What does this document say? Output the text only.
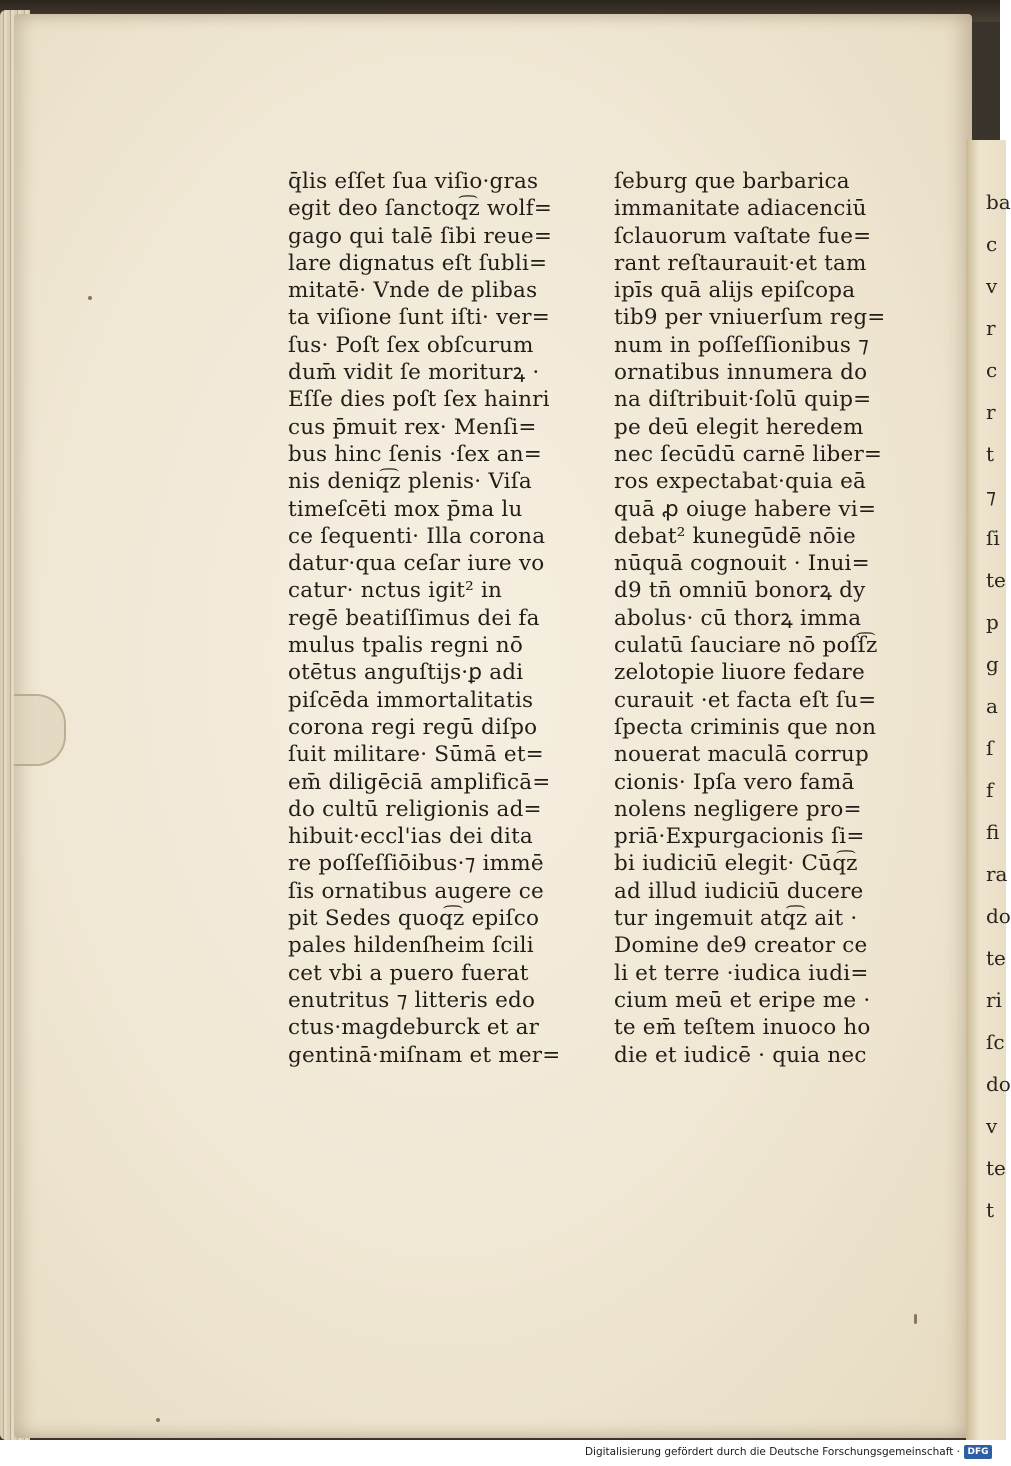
ba
c
v
r
c
r
t
⁊
ſi
te
p
g
a
ſ
f
fi
ra
do
te
ri
ſc
do
v
te
t
q̄lis eſſet ſua viſio·gras
egit deo ſanctoq͡z wolf=
gago qui talē ſibi reue=
lare dignatus eſt ſubli=
mitatē· Vnde de plibas
ta viſione ſunt iſti· ver=
ſus· Poſt ſex obſcurum
dum̄ vidit ſe moriturꝝ ·
Eſſe dies poſt ſex hainri
cus p̄muit rex· Menſi=
bus hinc ſenis ·ſex an=
nis deniq͡z plenis· Viſa
timeſcēti mox p̄ma lu
ce ſequenti· Illa corona
datur·qua ceſar iure vo
catur· nctus igit² in
regē beatiſſimus dei fa
mulus tpalis regni nō
otētus anguſtijs·ꝑ adi
piſcēda immortalitatis
corona regi regū diſpo
ſuit militare· Sūmā et=
em̄ diligēciā amplificā=
do cultū religionis ad=
hibuit·eccl'ias dei dita
re poſſeſſiōibus·⁊ immē
ſis ornatibus augere ce
pit Sedes quoq͡z epiſco
pales hildenſheim ſcili
cet vbi a puero fuerat
enutritus ⁊ litteris edo
ctus·magdeburck et ar
gentinā·miſnam et mer=
ſeburg que barbarica
immanitate adiacenciū
ſclauorum vaſtate fue=
rant reſtaurauit·et tam
ipīs quā alijs epiſcopa
tib9 per vniuerſum reg=
num in poſſeſſionibus ⁊
ornatibus innumera do
na diſtribuit·ſolū quip=
pe deū elegit heredem
nec ſecūdū carnē liber=
ros expectabat·quia eā
quā ꝓ oiuge habere vi=
debat² kunegūdē nōie
nūquā cognouit · Inui=
d9 tn̄ omniū bonorꝝ dy
abolus· cū thorꝝ imma
culatū ſauciare nō poſſ͡z
zelotopie liuore fedare
curauit ·et facta eſt ſu=
ſpecta criminis que non
nouerat maculā corrup
cionis· Ipſa vero famā
nolens negligere pro=
priā·Expurgacionis ſi=
bi iudiciū elegit· Cūq͡z
ad illud iudiciū ducere
tur ingemuit atq͡z ait ·
Domine de9 creator ce
li et terre ·iudica iudi=
cium meū et eripe me ·
te em̄ teſtem inuoco ho
die et iudicē · quia nec
Digitalisierung gefördert durch die Deutsche Forschungsgemeinschaft · DFG
